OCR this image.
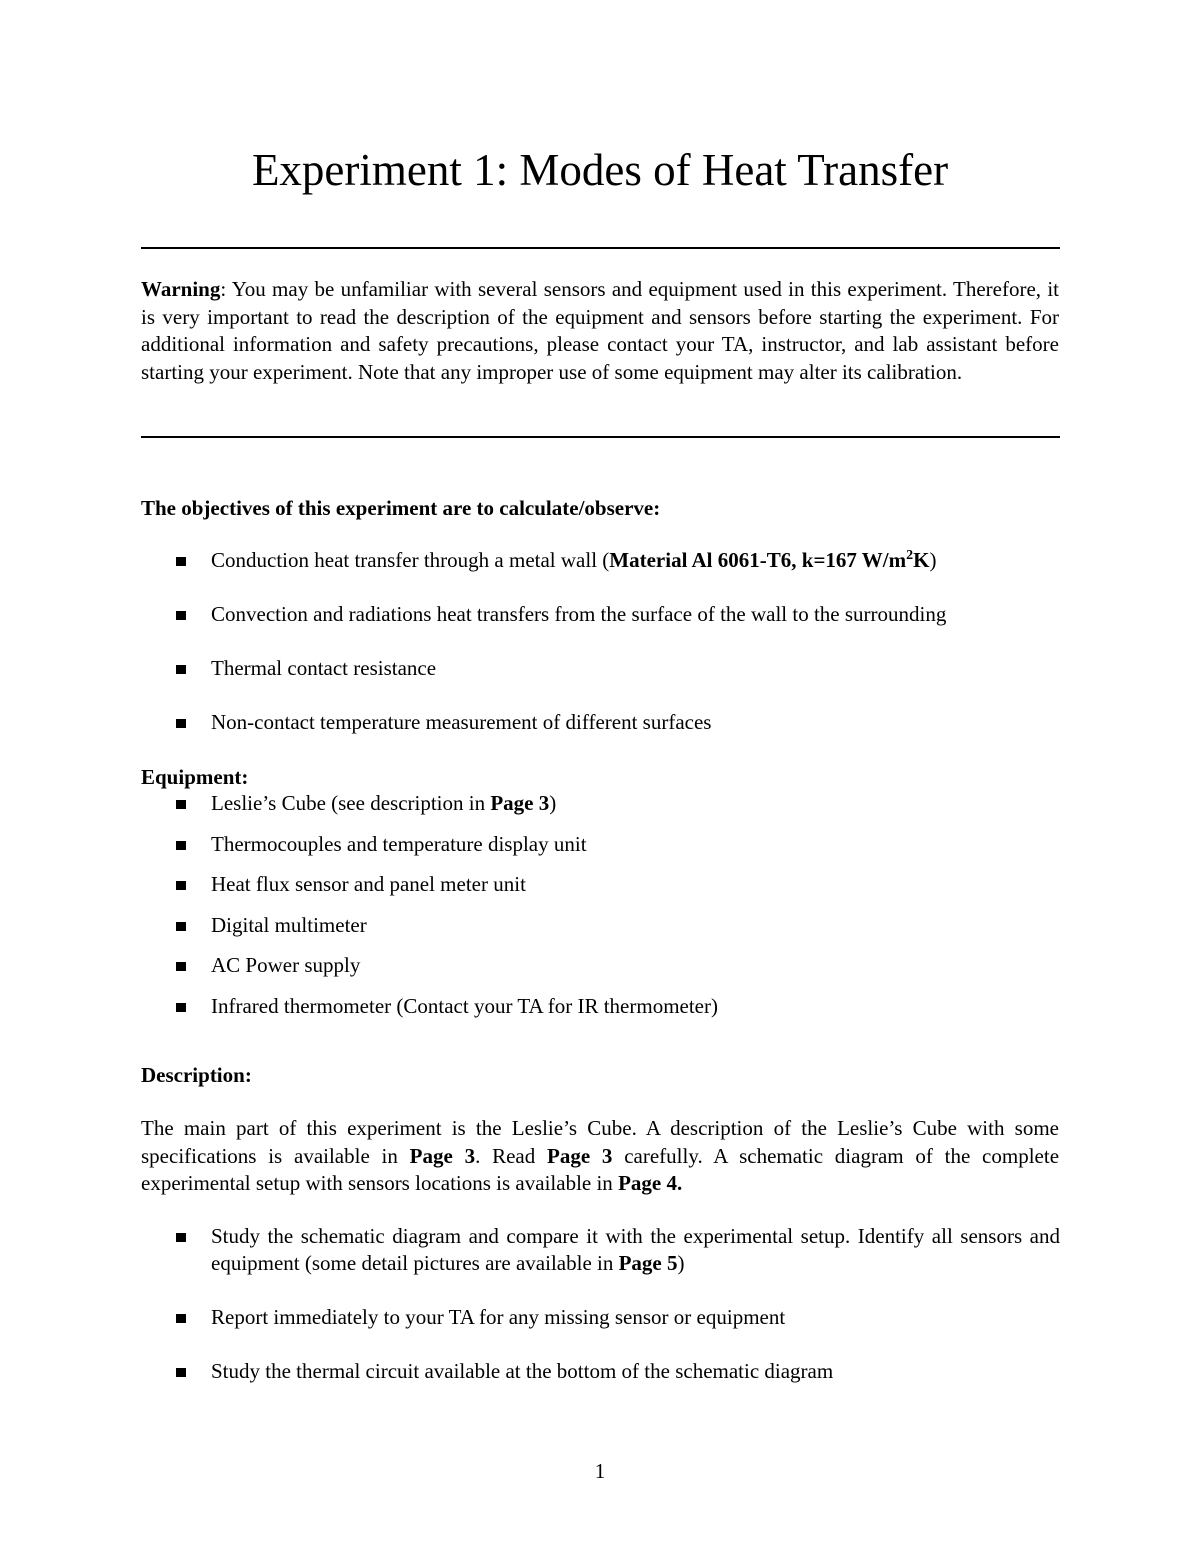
Experiment 1: Modes of Heat Transfer
Warning: You may be unfamiliar with several sensors and equipment used in this experiment. Therefore, it is very important to read the description of the equipment and sensors before starting the experiment. For additional information and safety precautions, please contact your TA, instructor, and lab assistant before starting your experiment. Note that any improper use of some equipment may alter its calibration.
The objectives of this experiment are to calculate/observe:
Conduction heat transfer through a metal wall (Material Al 6061-T6, k=167 $W/m^2K$)
Convection and radiations heat transfers from the surface of the wall to the surrounding
Thermal contact resistance
Non-contact temperature measurement of different surfaces
Equipment:
Leslie’s Cube (see description in Page 3)
Thermocouples and temperature display unit
Heat flux sensor and panel meter unit
Digital multimeter
AC Power supply
Infrared thermometer (Contact your TA for IR thermometer)
Description:
The main part of this experiment is the Leslie’s Cube. A description of the Leslie’s Cube with some specifications is available in Page 3. Read Page 3 carefully. A schematic diagram of the complete experimental setup with sensors locations is available in Page 4.
Study the schematic diagram and compare it with the experimental setup. Identify all sensors and equipment (some detail pictures are available in Page 5)
Report immediately to your TA for any missing sensor or equipment
Study the thermal circuit available at the bottom of the schematic diagram
1
